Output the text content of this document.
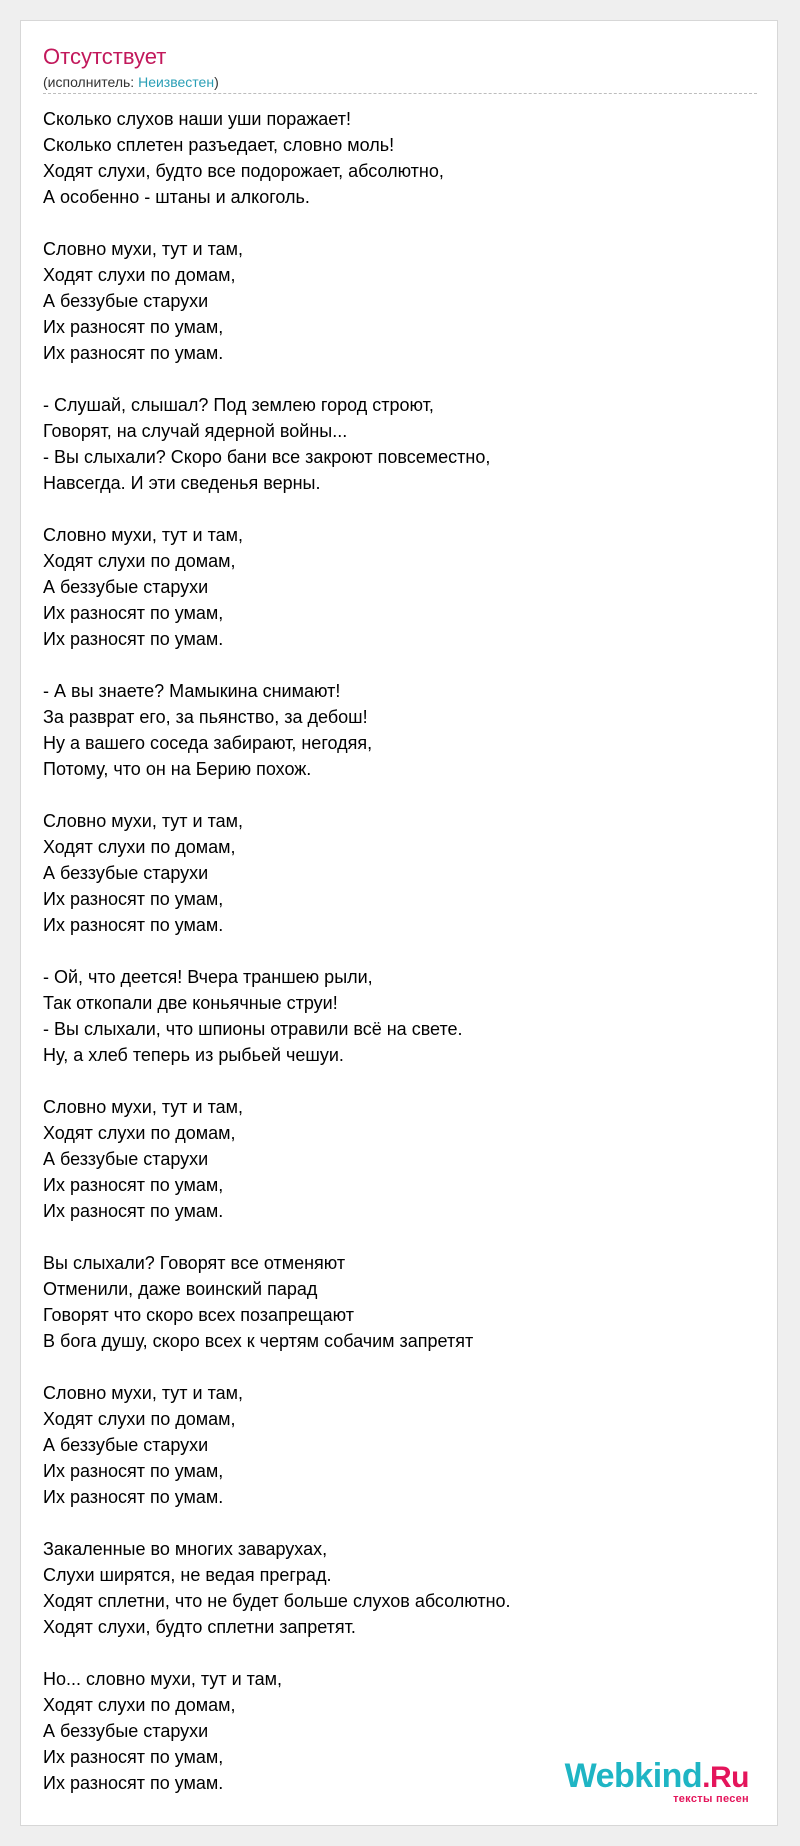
Отсутствует
(исполнитель: Неизвестен)
Сколько слухов наши уши поражает!
Сколько сплетен разъедает, словно моль!
Ходят слухи, будто все подорожает, абсолютно,
А особенно - штаны и алкоголь.
Словно мухи, тут и там,
Ходят слухи по домам,
А беззубые старухи
Их разносят по умам,
Их разносят по умам.
- Слушай, слышал? Под землею город строют,
Говорят, на случай ядерной войны...
- Вы слыхали? Скоро бани все закроют повсеместно,
Навсегда. И эти сведенья верны.
Словно мухи, тут и там,
Ходят слухи по домам,
А беззубые старухи
Их разносят по умам,
Их разносят по умам.
- А вы знаете? Мамыкина снимают!
За разврат его, за пьянство, за дебош!
Ну а вашего соседа забирают, негодяя,
Потому, что он на Берию похож.
Словно мухи, тут и там,
Ходят слухи по домам,
А беззубые старухи
Их разносят по умам,
Их разносят по умам.
- Ой, что деется! Вчера траншею рыли,
Так откопали две коньячные струи!
- Вы слыхали, что шпионы отравили всё на свете.
Ну, а хлеб теперь из рыбьей чешуи.
Словно мухи, тут и там,
Ходят слухи по домам,
А беззубые старухи
Их разносят по умам,
Их разносят по умам.
Вы слыхали? Говорят все отменяют
Отменили, даже воинский парад
Говорят что скоро всех позапрещают
В бога душу, скоро всех к чертям собачим запретят
Словно мухи, тут и там,
Ходят слухи по домам,
А беззубые старухи
Их разносят по умам,
Их разносят по умам.
Закаленные во многих заварухах,
Слухи ширятся, не ведая преград.
Ходят сплетни, что не будет больше слухов абсолютно.
Ходят слухи, будто сплетни запретят.
Но... словно мухи, тут и там,
Ходят слухи по домам,
А беззубые старухи
Их разносят по умам,
Их разносят по умам.	Webkind.Ru
тексты песен
